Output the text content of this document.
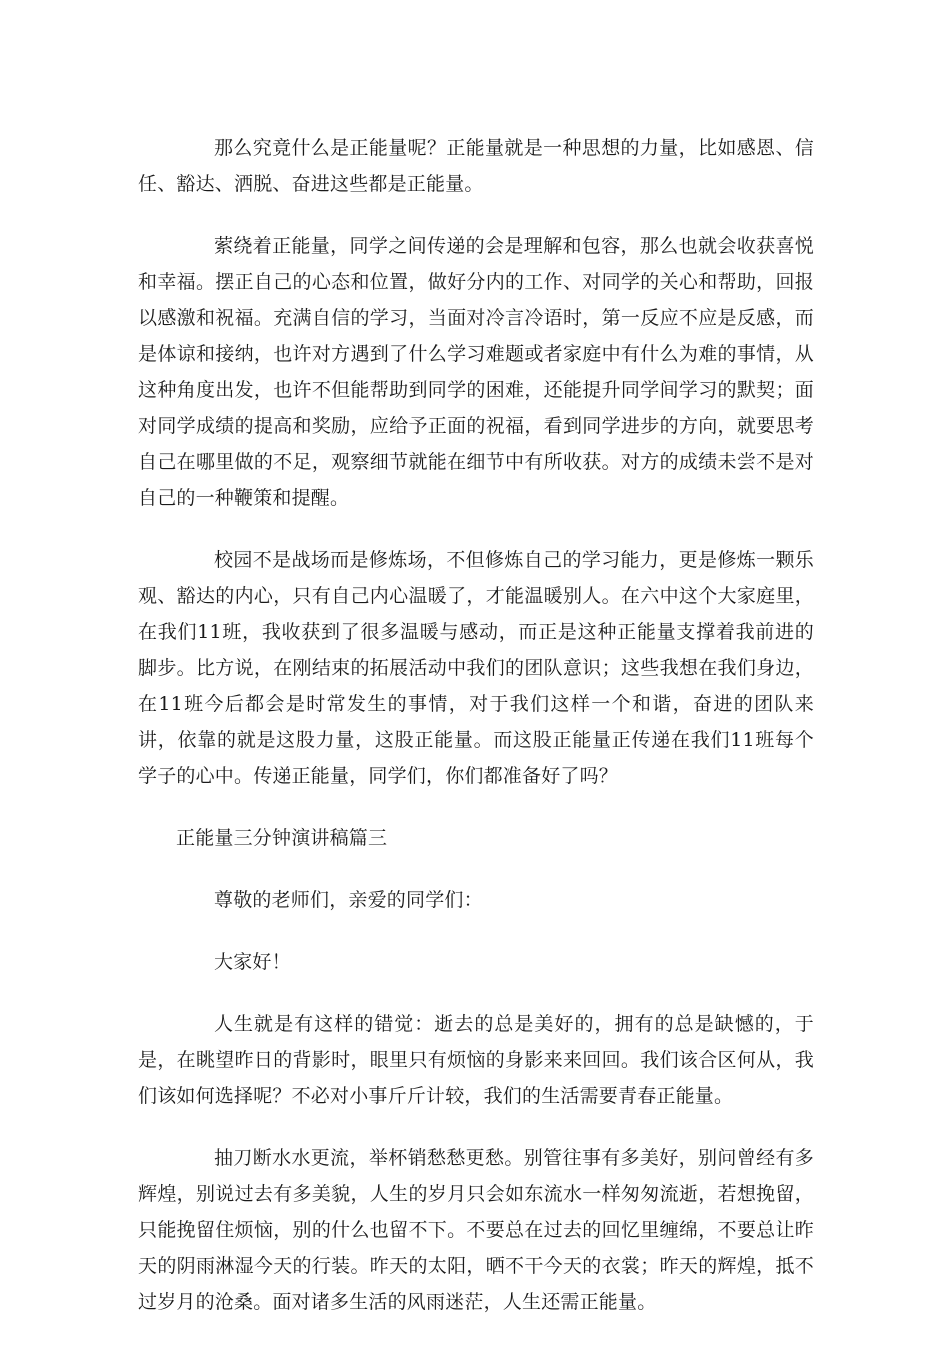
那么究竟什么是正能量呢？正能量就是一种思想的力量，比如感恩、信任、豁达、洒脱、奋进这些都是正能量。

萦绕着正能量，同学之间传递的会是理解和包容，那么也就会收获喜悦和幸福。摆正自己的心态和位置，做好分内的工作、对同学的关心和帮助，回报以感激和祝福。充满自信的学习，当面对冷言冷语时，第一反应不应是反感，而是体谅和接纳，也许对方遇到了什么学习难题或者家庭中有什么为难的事情，从这种角度出发，也许不但能帮助到同学的困难，还能提升同学间学习的默契；面对同学成绩的提高和奖励，应给予正面的祝福，看到同学进步的方向，就要思考自己在哪里做的不足，观察细节就能在细节中有所收获。对方的成绩未尝不是对自己的一种鞭策和提醒。

校园不是战场而是修炼场，不但修炼自己的学习能力，更是修炼一颗乐观、豁达的内心，只有自己内心温暖了，才能温暖别人。在六中这个大家庭里，在我们11班，我收获到了很多温暖与感动，而正是这种正能量支撑着我前进的脚步。比方说，在刚结束的拓展活动中我们的团队意识；这些我想在我们身边，在11班今后都会是时常发生的事情，对于我们这样一个和谐，奋进的团队来讲，依靠的就是这股力量，这股正能量。而这股正能量正传递在我们11班每个学子的心中。传递正能量，同学们，你们都准备好了吗？

正能量三分钟演讲稿篇三

尊敬的老师们，亲爱的同学们：

大家好！

人生就是有这样的错觉：逝去的总是美好的，拥有的总是缺憾的，于是，在眺望昨日的背影时，眼里只有烦恼的身影来来回回。我们该合区何从，我们该如何选择呢？不必对小事斤斤计较，我们的生活需要青春正能量。

抽刀断水水更流，举杯销愁愁更愁。别管往事有多美好，别问曾经有多辉煌，别说过去有多美貌，人生的岁月只会如东流水一样匆匆流逝，若想挽留，只能挽留住烦恼，别的什么也留不下。不要总在过去的回忆里缠绵，不要总让昨天的阴雨淋湿今天的行装。昨天的太阳，晒不干今天的衣裳；昨天的辉煌，抵不过岁月的沧桑。面对诸多生活的风雨迷茫，人生还需正能量。
